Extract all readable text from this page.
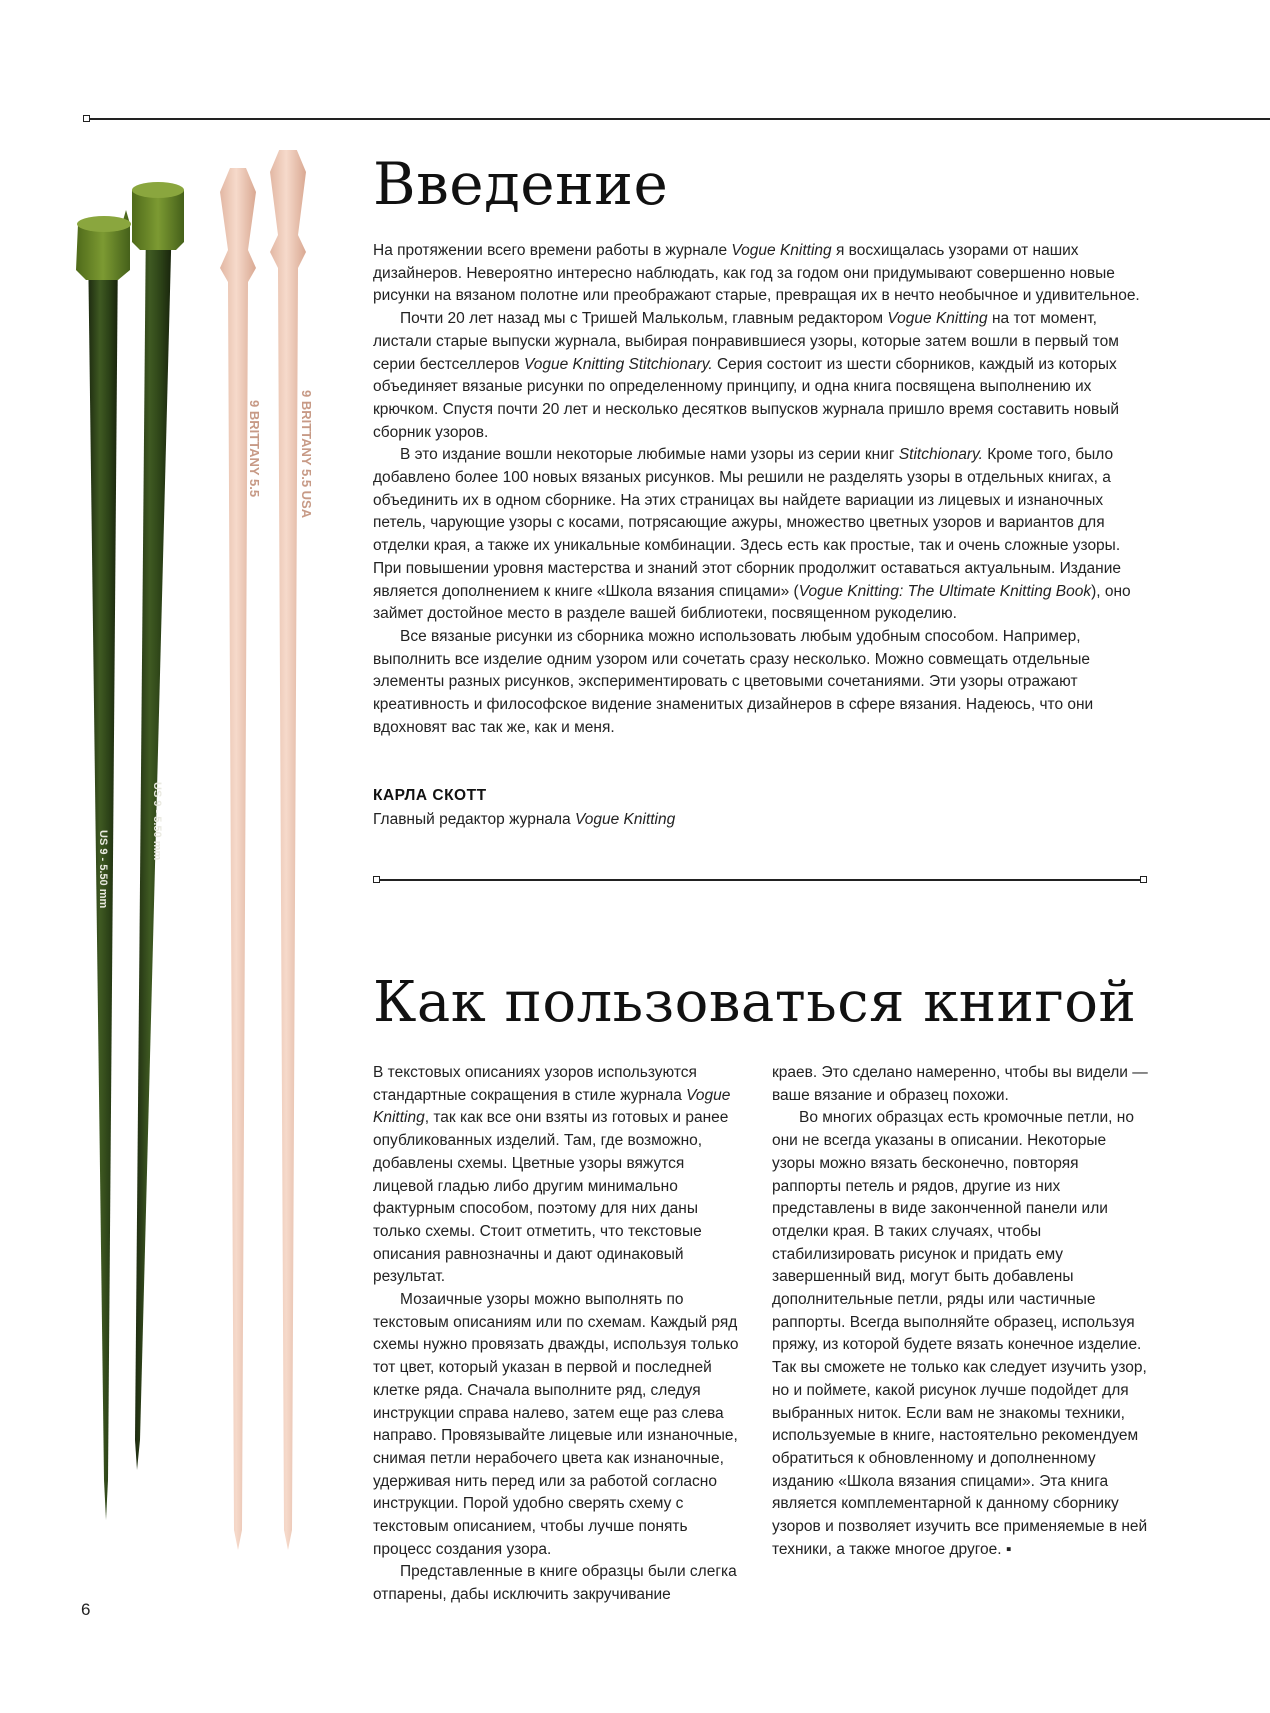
US 9 - 5.50 mm
US 9 - 5.50 mm
9 BRITTANY 5.5	9 BRITTANY 5.5 USA
Введение

На протяжении всего времени работы в журнале Vogue Knitting я восхищалась узорами от наших дизайнеров. Невероятно интересно наблюдать, как год за годом они придумывают совершенно новые рисунки на вязаном полотне или преображают старые, превращая их в нечто необычное и удивительное.

Почти 20 лет назад мы с Тришей Малькольм, главным редактором Vogue Knitting на тот момент, листали старые выпуски журнала, выбирая понравившиеся узоры, которые затем вошли в первый том серии бестселлеров Vogue Knitting Stitchionary. Серия состоит из шести сборников, каждый из которых объединяет вязаные рисунки по определенному принципу, и одна книга посвящена выполнению их крючком. Спустя почти 20 лет и несколько десятков выпусков журнала пришло время составить новый сборник узоров.

В это издание вошли некоторые любимые нами узоры из серии книг Stitchionary. Кроме того, было добавлено более 100 новых вязаных рисунков. Мы решили не разделять узоры в отдельных книгах, а объединить их в одном сборнике. На этих страницах вы найдете вариации из лицевых и изнаночных петель, чарующие узоры с косами, потрясающие ажуры, множество цветных узоров и вариантов для отделки края, а также их уникальные комбинации. Здесь есть как простые, так и очень сложные узоры. При повышении уровня мастерства и знаний этот сборник продолжит оставаться актуальным. Издание является дополнением к книге «Школа вязания спицами» (Vogue Knitting: The Ultimate Knitting Book), оно займет достойное место в разделе вашей библиотеки, посвященном рукоделию.

Все вязаные рисунки из сборника можно использовать любым удобным способом. Например, выполнить все изделие одним узором или сочетать сразу несколько. Можно совмещать отдельные элементы разных рисунков, экспериментировать с цветовыми сочетаниями. Эти узоры отражают креативность и философское видение знаменитых дизайнеров в сфере вязания. Надеюсь, что они вдохновят вас так же, как и меня.

КАРЛА СКОТТ

Главный редактор журнала Vogue Knitting

Как пользоваться книгой

В текстовых описаниях узоров используются стандартные сокращения в стиле журнала Vogue Knitting, так как все они взяты из готовых и ранее опубликованных изделий. Там, где возможно, добавлены схемы. Цветные узоры вяжутся лицевой гладью либо другим минимально фактурным способом, поэтому для них даны только схемы. Стоит отметить, что текстовые описания равнозначны и дают одинаковый результат.

Мозаичные узоры можно выполнять по текстовым описаниям или по схемам. Каждый ряд схемы нужно провязать дважды, используя только тот цвет, который указан в первой и последней клетке ряда. Сначала выполните ряд, следуя инструкции справа налево, затем еще раз слева направо. Провязывайте лицевые или изнаночные, снимая петли нерабочего цвета как изнаночные, удерживая нить перед или за работой согласно инструкции. Порой удобно сверять схему с текстовым описанием, чтобы лучше понять процесс создания узора.

Представленные в книге образцы были слегка отпарены, дабы исключить закручивание

краев. Это сделано намеренно, чтобы вы видели — ваше вязание и образец похожи.

Во многих образцах есть кромочные петли, но они не всегда указаны в описании. Некоторые узоры можно вязать бесконечно, повторяя раппорты петель и рядов, другие из них представлены в виде законченной панели или отделки края. В таких случаях, чтобы стабилизировать рисунок и придать ему завершенный вид, могут быть добавлены дополнительные петли, ряды или частичные раппорты. Всегда выполняйте образец, используя пряжу, из которой будете вязать конечное изделие. Так вы сможете не только как следует изучить узор, но и поймете, какой рисунок лучше подойдет для выбранных ниток. Если вам не знакомы техники, используемые в книге, настоятельно рекомендуем обратиться к обновленному и дополненному изданию «Школа вязания спицами». Эта книга является комплементарной к данному сборнику узоров и позволяет изучить все применяемые в ней техники, а также многое другое. ▪

6
